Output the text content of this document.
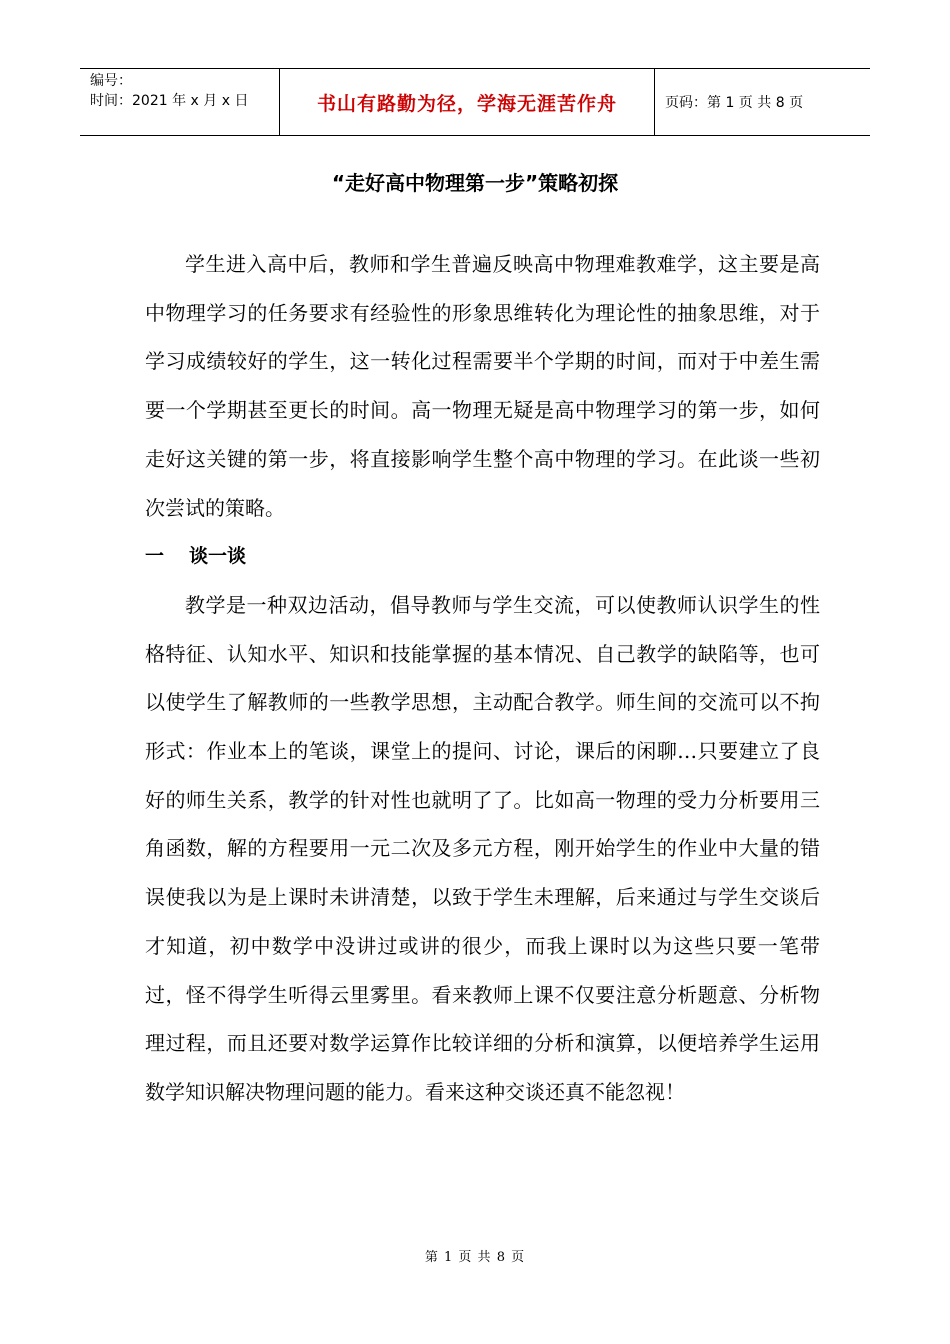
编号：
时间：2021 年 x 月 x 日	书山有路勤为径，学海无涯苦作舟	页码：第 1 页 共 8 页
“走好高中物理第一步”策略初探

学生进入高中后，教师和学生普遍反映高中物理难教难学，这主要是高中物理学习的任务要求有经验性的形象思维转化为理论性的抽象思维，对于学习成绩较好的学生，这一转化过程需要半个学期的时间，而对于中差生需要一个学期甚至更长的时间。高一物理无疑是高中物理学习的第一步，如何走好这关键的第一步，将直接影响学生整个高中物理的学习。在此谈一些初次尝试的策略。

一 谈一谈

教学是一种双边活动，倡导教师与学生交流，可以使教师认识学生的性格特征、认知水平、知识和技能掌握的基本情况、自己教学的缺陷等，也可以使学生了解教师的一些教学思想，主动配合教学。师生间的交流可以不拘形式：作业本上的笔谈，课堂上的提问、讨论，课后的闲聊…只要建立了良好的师生关系，教学的针对性也就明了了。比如高一物理的受力分析要用三角函数，解的方程要用一元二次及多元方程，刚开始学生的作业中大量的错误使我以为是上课时未讲清楚，以致于学生未理解，后来通过与学生交谈后才知道，初中数学中没讲过或讲的很少，而我上课时以为这些只要一笔带过，怪不得学生听得云里雾里。看来教师上课不仅要注意分析题意、分析物理过程，而且还要对数学运算作比较详细的分析和演算，以便培养学生运用数学知识解决物理问题的能力。看来这种交谈还真不能忽视！

第 1 页 共 8 页
